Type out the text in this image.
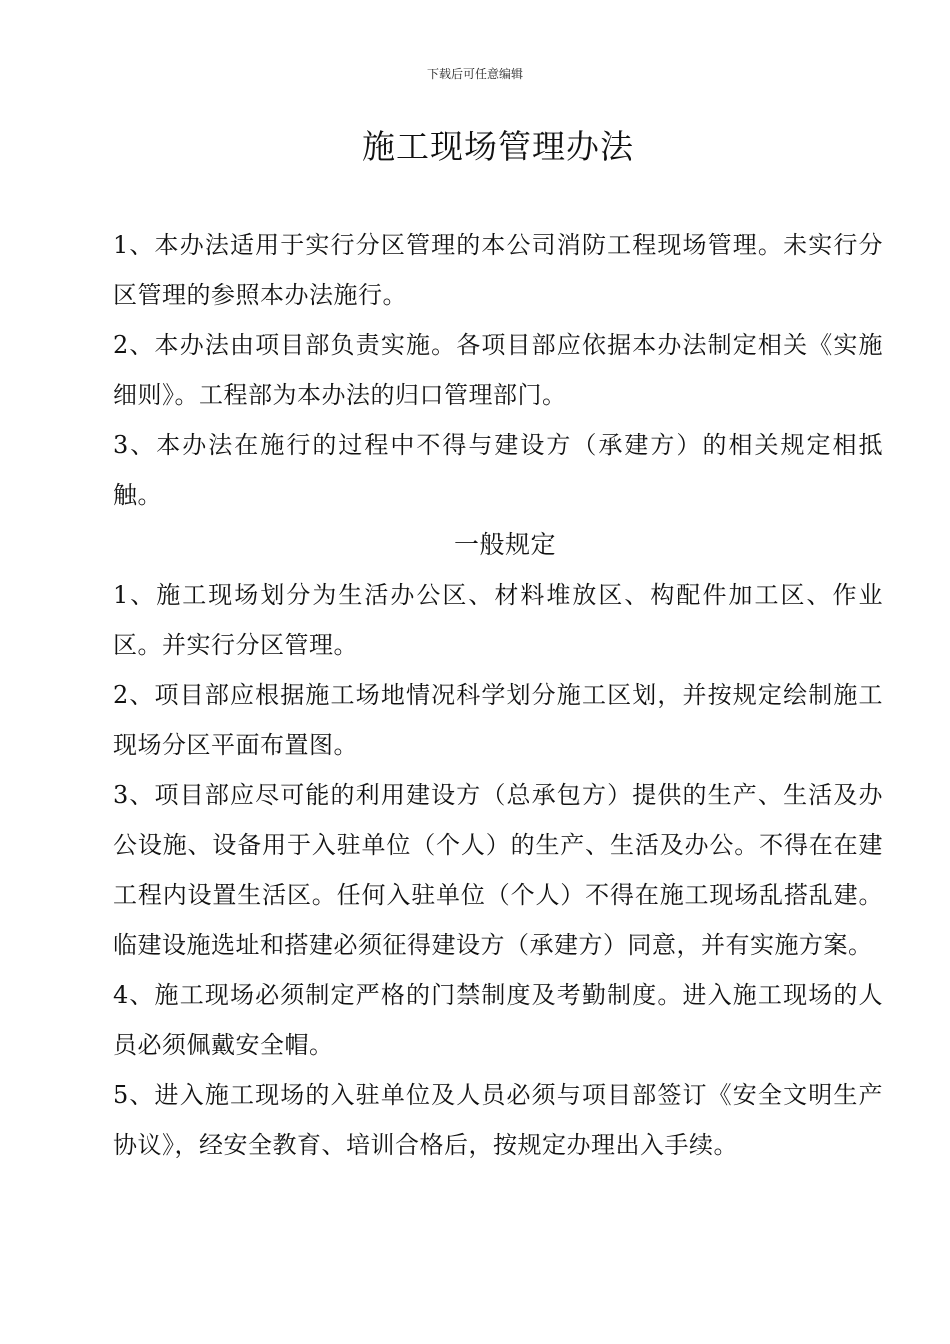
下载后可任意编辑
施工现场管理办法

1、本办法适用于实行分区管理的本公司消防工程现场管理。未实行分区管理的参照本办法施行。

2、本办法由项目部负责实施。各项目部应依据本办法制定相关《实施细则》。工程部为本办法的归口管理部门。

3、本办法在施行的过程中不得与建设方（承建方）的相关规定相抵触。

一般规定

1、施工现场划分为生活办公区、材料堆放区、构配件加工区、作业区。并实行分区管理。

2、项目部应根据施工场地情况科学划分施工区划，并按规定绘制施工现场分区平面布置图。

3、项目部应尽可能的利用建设方（总承包方）提供的生产、生活及办公设施、设备用于入驻单位（个人）的生产、生活及办公。不得在在建工程内设置生活区。任何入驻单位（个人）不得在施工现场乱搭乱建。临建设施选址和搭建必须征得建设方（承建方）同意，并有实施方案。

4、施工现场必须制定严格的门禁制度及考勤制度。进入施工现场的人员必须佩戴安全帽。

5、进入施工现场的入驻单位及人员必须与项目部签订《安全文明生产协议》，经安全教育、培训合格后，按规定办理出入手续。
